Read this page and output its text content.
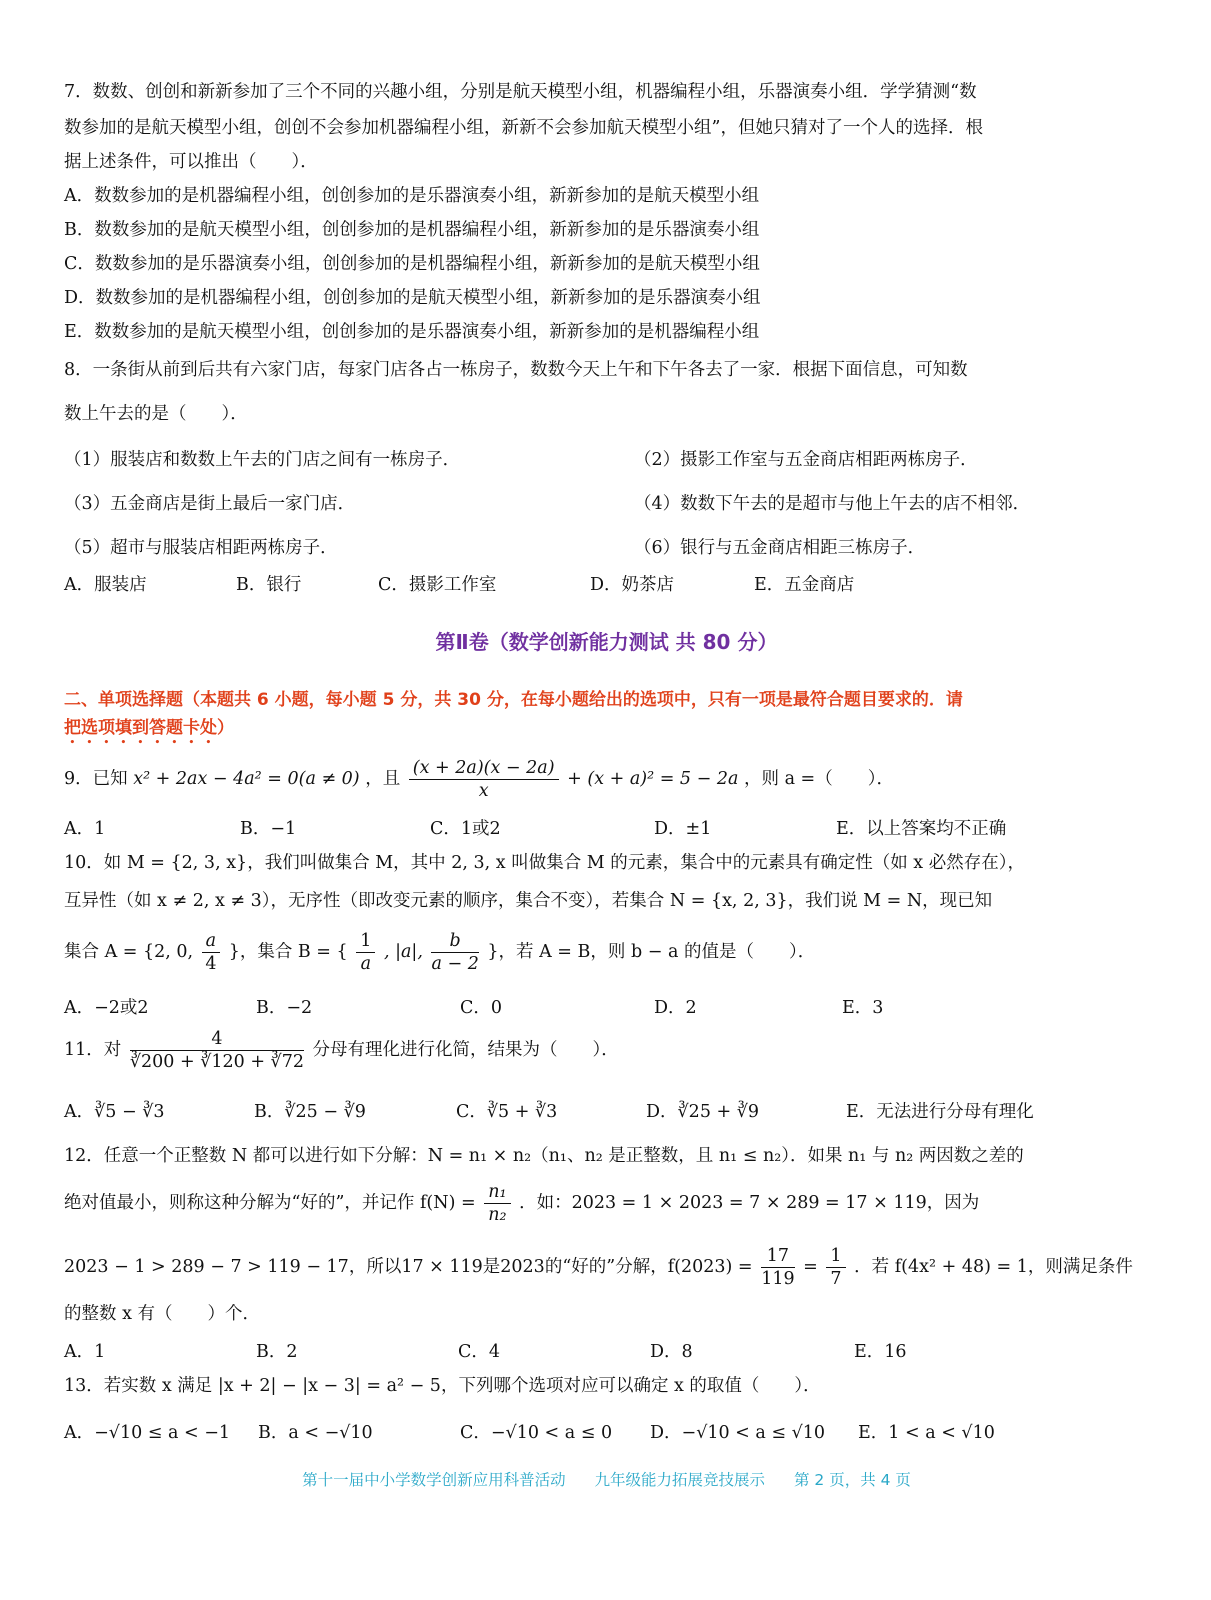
7．数数、创创和新新参加了三个不同的兴趣小组，分别是航天模型小组，机器编程小组，乐器演奏小组．学学猜测“数
数参加的是航天模型小组，创创不会参加机器编程小组，新新不会参加航天模型小组”，但她只猜对了一个人的选择．根
据上述条件，可以推出（　　）．
A．数数参加的是机器编程小组，创创参加的是乐器演奏小组，新新参加的是航天模型小组
B．数数参加的是航天模型小组，创创参加的是机器编程小组，新新参加的是乐器演奏小组
C．数数参加的是乐器演奏小组，创创参加的是机器编程小组，新新参加的是航天模型小组
D．数数参加的是机器编程小组，创创参加的是航天模型小组，新新参加的是乐器演奏小组
E．数数参加的是航天模型小组，创创参加的是乐器演奏小组，新新参加的是机器编程小组
8．一条街从前到后共有六家门店，每家门店各占一栋房子，数数今天上午和下午各去了一家．根据下面信息，可知数
数上午去的是（　　）．
（1）服装店和数数上午去的门店之间有一栋房子．	（2）摄影工作室与五金商店相距两栋房子．
（3）五金商店是街上最后一家门店．	（4）数数下午去的是超市与他上午去的店不相邻．
（5）超市与服装店相距两栋房子．	（6）银行与五金商店相距三栋房子．
A．服装店	B．银行	C．摄影工作室	D．奶茶店	E．五金商店
第Ⅱ卷（数学创新能力测试 共 80 分）
二、单项选择题（本题共 6 小题，每小题 5 分，共 30 分，在每小题给出的选项中，只有一项是最符合题目要求的．请
把选项填到答题卡处）
9．已知 x² + 2ax − 4a² = 0(a ≠ 0) ，且 $\frac{(x + 2a)(x - 2a)}{x} + (x + a)^2 = 5 - 2a$ ，则 a =（　　）．
A．1	B．−1	C．1或2	D．±1	E．以上答案均不正确
10．如 M = {2, 3, x}，我们叫做集合 M，其中 2, 3, x 叫做集合 M 的元素，集合中的元素具有确定性（如 x 必然存在），
互异性（如 x ≠ 2, x ≠ 3），无序性（即改变元素的顺序，集合不变），若集合 N = {x, 2, 3}，我们说 M = N，现已知
集合 A = {2, 0, $\frac{a}{4}$ }，集合 B = { $\frac{1}{a}$ , |a|, $\frac{b}{a - 2}$ }，若 A = B，则 b − a 的值是（　　）．
A．−2或2	B．−2	C．0	D．2	E．3
11．对 $\frac{4}{∛200 + ∛120 + ∛72}$ 分母有理化进行化简，结果为（　　）．
A．∛5 − ∛3	B．∛25 − ∛9	C．∛5 + ∛3	D．∛25 + ∛9	E．无法进行分母有理化
12．任意一个正整数 N 都可以进行如下分解：N = n₁ × n₂（n₁、n₂ 是正整数，且 n₁ ≤ n₂）．如果 n₁ 与 n₂ 两因数之差的
绝对值最小，则称这种分解为“好的”，并记作 $f(N) = \frac{\text{n₁}}{\text{n₂}}$ ．如：2023 = 1 × 2023 = 7 × 289 = 17 × 119，因为
2023 − 1 > 289 − 7 > 119 − 17，所以17 × 119是2023的“好的”分解，$f(2023) = \frac{17}{119} = \frac{1}{7}$ ．若 f(4x² + 48) = 1，则满足条件
的整数 x 有（　　）个．
A．1	B．2	C．4	D．8	E．16
13．若实数 x 满足 |x + 2| − |x − 3| = a² − 5，下列哪个选项对应可以确定 x 的取值（　　）．
A．−√10 ≤ a < −1 B．a < −√10	C．−√10 < a ≤ 0 D．−√10 < a ≤ √10 E．1 < a < √10
第十一届中小学数学创新应用科普活动 九年级能力拓展竞技展示 第 2 页，共 4 页
